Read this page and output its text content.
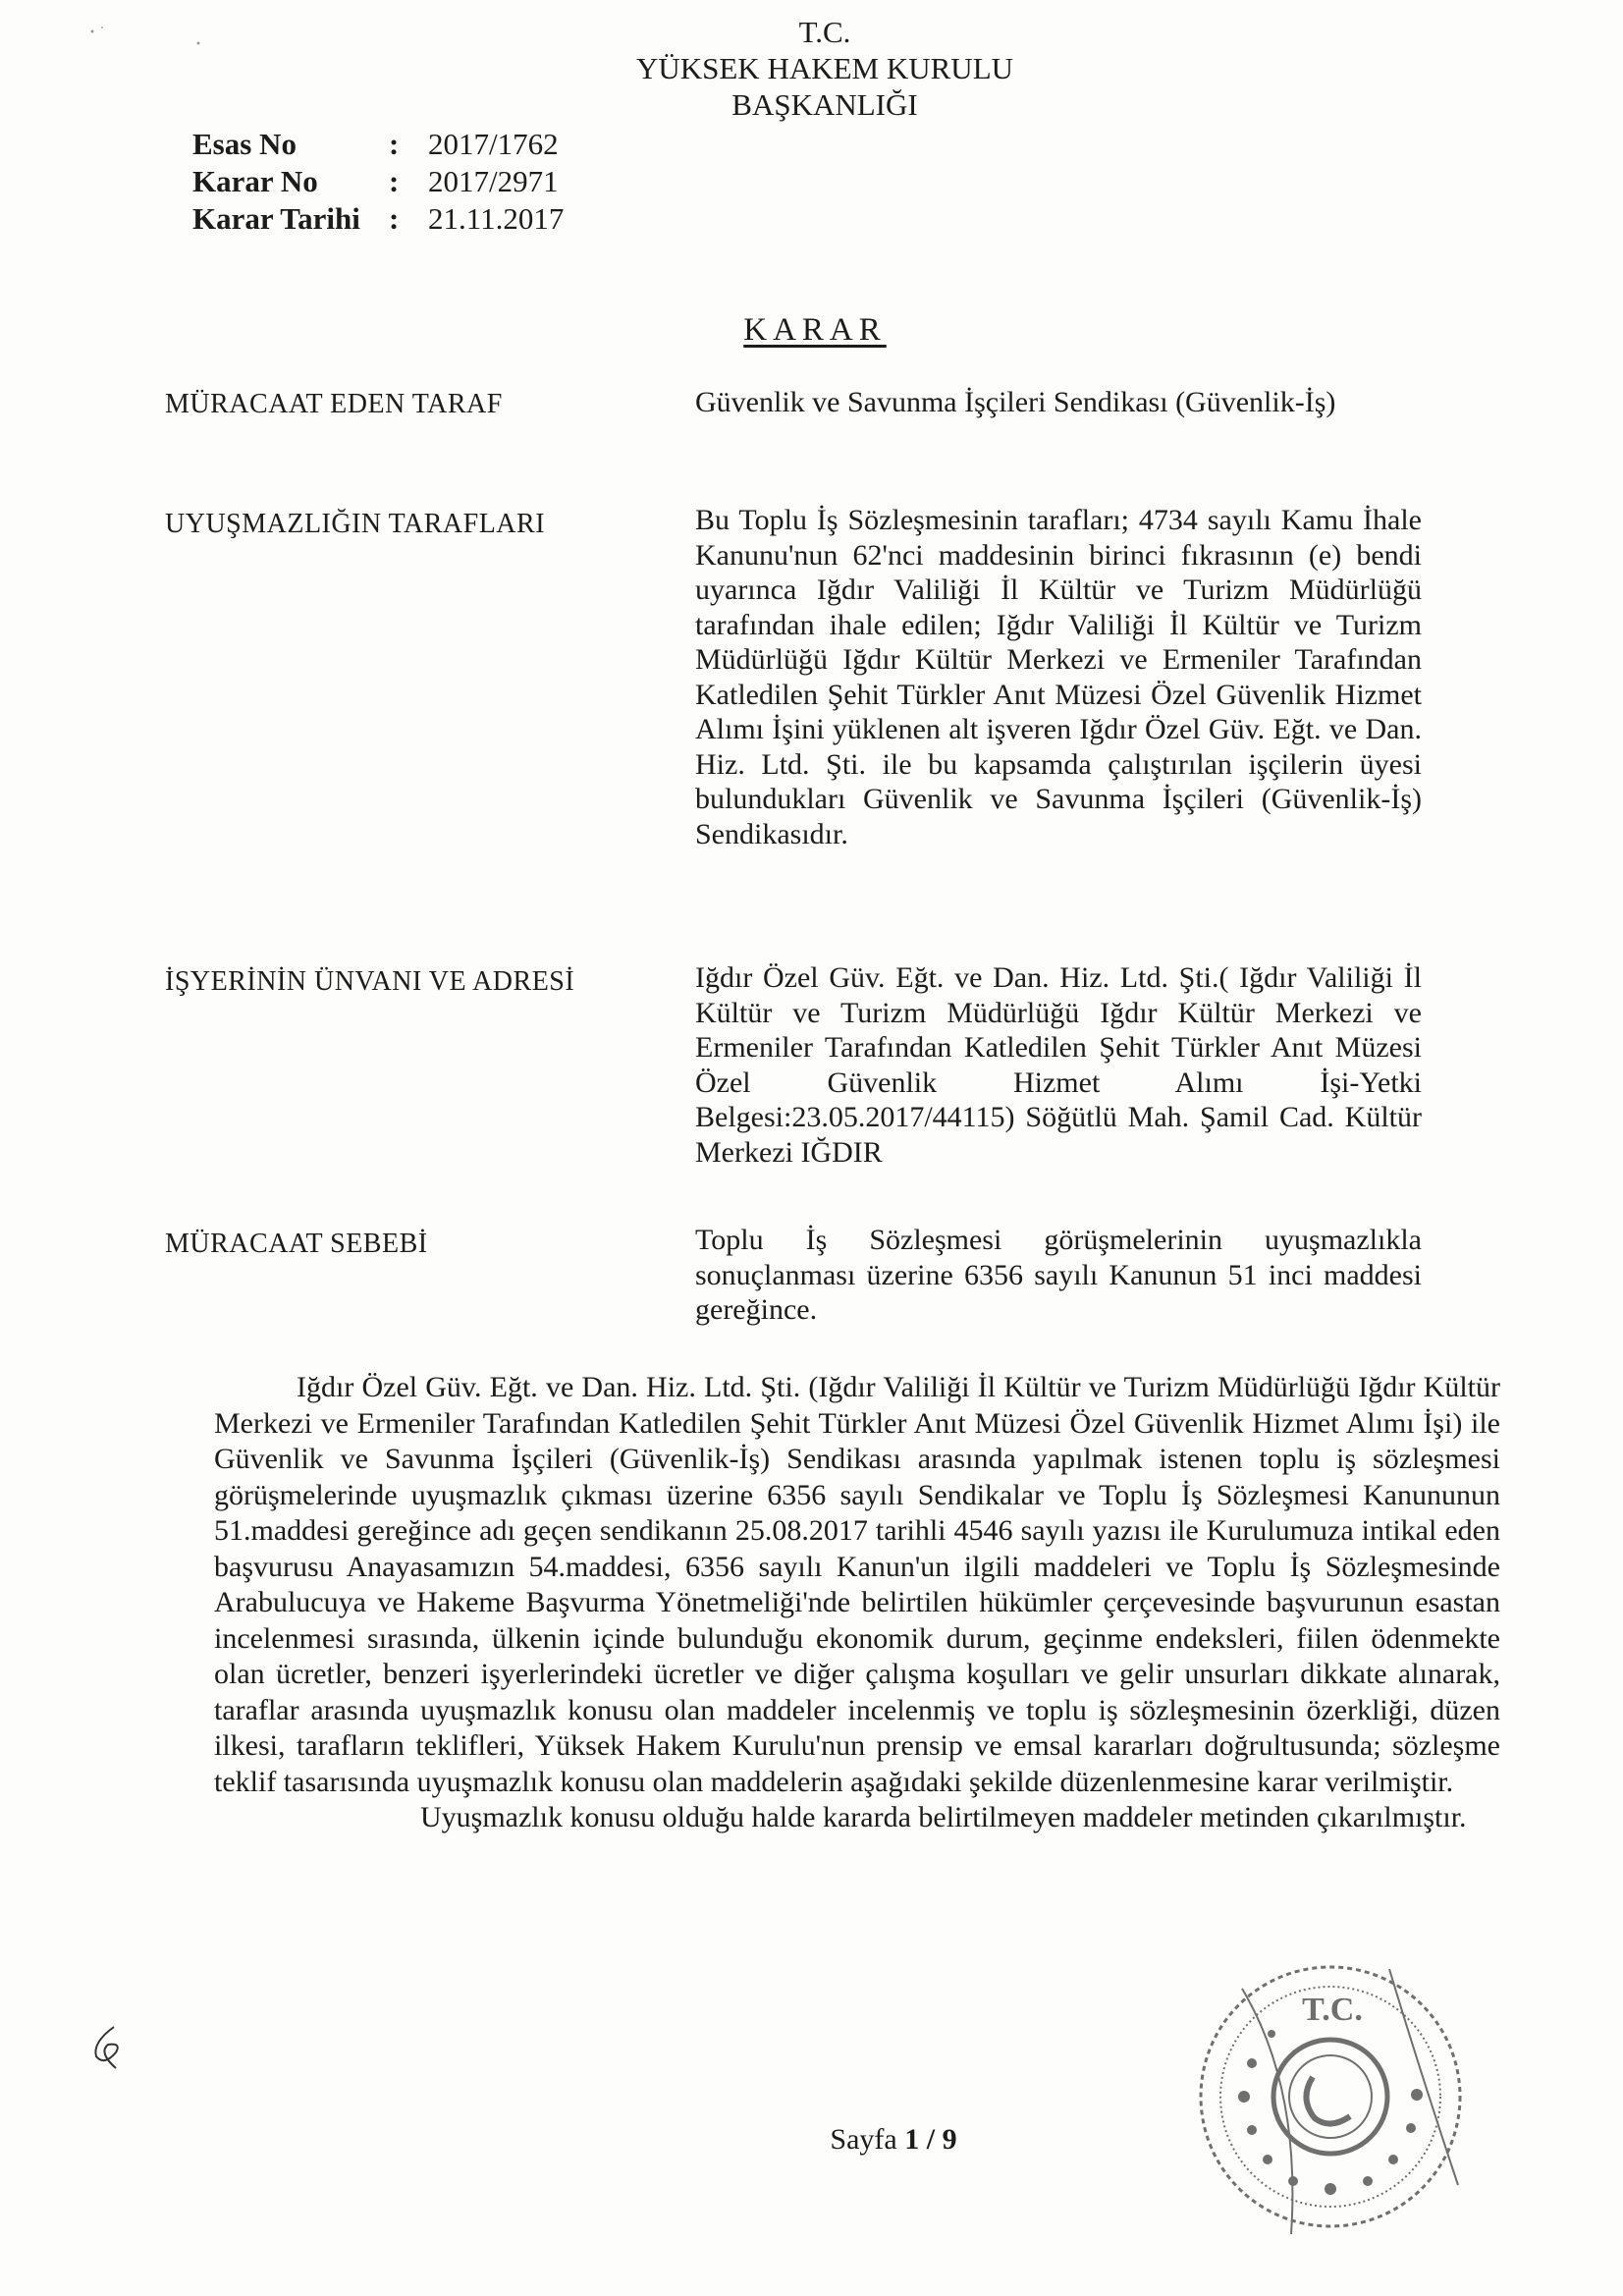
T.C.
YÜKSEK HAKEM KURULU
BAŞKANLIĞI
Esas No	: 2017/1762
Karar No	: 2017/2971
Karar Tarihi : 21.11.2017
KARAR
MÜRACAAT EDEN TARAF	Güvenlik ve Savunma İşçileri Sendikası (Güvenlik-İş)
UYUŞMAZLIĞIN TARAFLARI	Bu Toplu İş Sözleşmesinin tarafları; 4734 sayılı Kamu İhale Kanunu'nun 62'nci maddesinin birinci fıkrasının (e) bendi uyarınca Iğdır Valiliği İl Kültür ve Turizm Müdürlüğü tarafından ihale edilen; Iğdır Valiliği İl Kültür ve Turizm Müdürlüğü Iğdır Kültür Merkezi ve Ermeniler Tarafından Katledilen Şehit Türkler Anıt Müzesi Özel Güvenlik Hizmet Alımı İşini yüklenen alt işveren Iğdır Özel Güv. Eğt. ve Dan. Hiz. Ltd. Şti. ile bu kapsamda çalıştırılan işçilerin üyesi bulundukları Güvenlik ve Savunma İşçileri (Güvenlik-İş) Sendikasıdır.
İŞYERİNİN ÜNVANI VE ADRESİ	Iğdır Özel Güv. Eğt. ve Dan. Hiz. Ltd. Şti.( Iğdır Valiliği İl Kültür ve Turizm Müdürlüğü Iğdır Kültür Merkezi ve Ermeniler Tarafından Katledilen Şehit Türkler Anıt Müzesi Özel Güvenlik Hizmet Alımı İşi-Yetki Belgesi:23.05.2017/44115) Söğütlü Mah. Şamil Cad. Kültür Merkezi IĞDIR
MÜRACAAT SEBEBİ	Toplu İş Sözleşmesi görüşmelerinin uyuşmazlıkla sonuçlanması üzerine 6356 sayılı Kanunun 51 inci maddesi gereğince.

Iğdır Özel Güv. Eğt. ve Dan. Hiz. Ltd. Şti. (Iğdır Valiliği İl Kültür ve Turizm Müdürlüğü Iğdır Kültür Merkezi ve Ermeniler Tarafından Katledilen Şehit Türkler Anıt Müzesi Özel Güvenlik Hizmet Alımı İşi) ile Güvenlik ve Savunma İşçileri (Güvenlik-İş) Sendikası arasında yapılmak istenen toplu iş sözleşmesi görüşmelerinde uyuşmazlık çıkması üzerine 6356 sayılı Sendikalar ve Toplu İş Sözleşmesi Kanununun 51.maddesi gereğince adı geçen sendikanın 25.08.2017 tarihli 4546 sayılı yazısı ile Kurulumuza intikal eden başvurusu Anayasamızın 54.maddesi, 6356 sayılı Kanun'un ilgili maddeleri ve Toplu İş Sözleşmesinde Arabulucuya ve Hakeme Başvurma Yönetmeliği'nde belirtilen hükümler çerçevesinde başvurunun esastan incelenmesi sırasında, ülkenin içinde bulunduğu ekonomik durum, geçinme endeksleri, fiilen ödenmekte olan ücretler, benzeri işyerlerindeki ücretler ve diğer çalışma koşulları ve gelir unsurları dikkate alınarak, taraflar arasında uyuşmazlık konusu olan maddeler incelenmiş ve toplu iş sözleşmesinin özerkliği, düzen ilkesi, tarafların teklifleri, Yüksek Hakem Kurulu'nun prensip ve emsal kararları doğrultusunda; sözleşme teklif tasarısında uyuşmazlık konusu olan maddelerin aşağıdaki şekilde düzenlenmesine karar verilmiştir.

Uyuşmazlık konusu olduğu halde kararda belirtilmeyen maddeler metinden çıkarılmıştır.

Sayfa 1 / 9
T.C.
